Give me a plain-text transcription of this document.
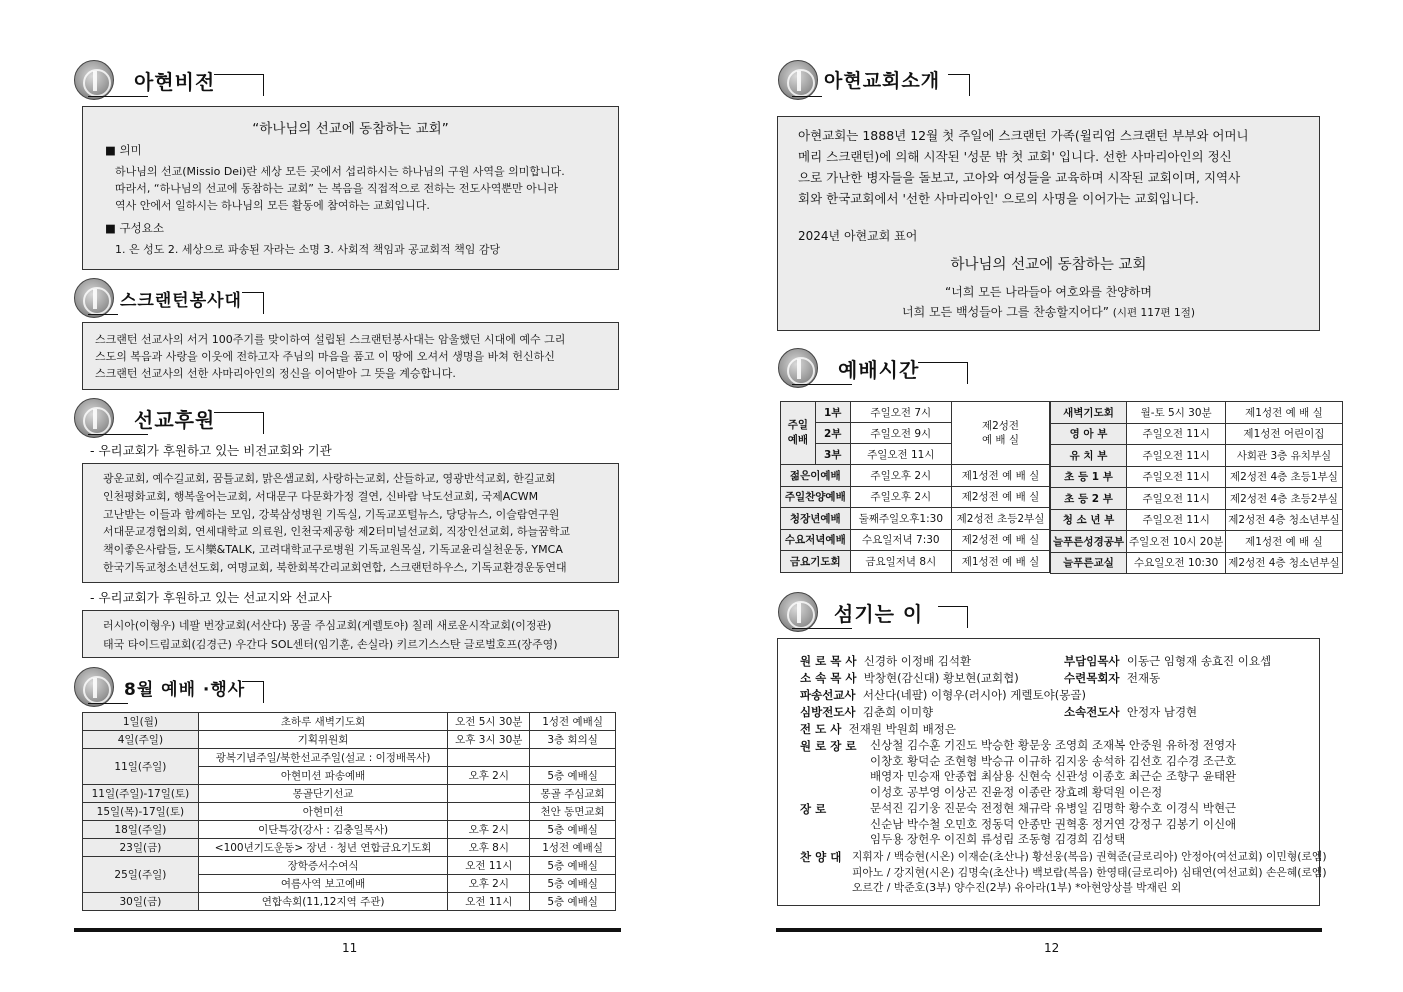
아현비전
“하나님의 선교에 동참하는 교회”
■ 의미
하나님의 선교(Missio Dei)란 세상 모든 곳에서 섭리하시는 하나님의 구원 사역을 의미합니다.
따라서, “하나님의 선교에 동참하는 교회” 는 복음을 직접적으로 전하는 전도사역뿐만 아니라
역사 안에서 일하시는 하나님의 모든 활동에 참여하는 교회입니다.
■ 구성요소
1. 은 성도 2. 세상으로 파송된 자라는 소명 3. 사회적 책임과 공교회적 책임 감당
스크랜턴봉사대
스크랜턴 선교사의 서거 100주기를 맞이하여 설립된 스크랜턴봉사대는 암울했던 시대에 예수 그리
스도의 복음과 사랑을 이웃에 전하고자 주님의 마음을 품고 이 땅에 오셔서 생명을 바쳐 헌신하신
스크랜턴 선교사의 선한 사마리아인의 정신을 이어받아 그 뜻을 계승합니다.
선교후원
- 우리교회가 후원하고 있는 비전교회와 기관
광운교회, 예수길교회, 꿈틀교회, 맑은샘교회, 사랑하는교회, 산들하교, 영광반석교회, 한길교회
인천평화교회, 행복울어는교회, 서대문구 다문화가정 결연, 신바람 낙도선교회, 국제ACWM
고난받는 이들과 함께하는 모임, 강북삼성병원 기독실, 기독교포털뉴스, 당당뉴스, 이슬람연구원
서대문교경협의회, 연세대학교 의료원, 인천국제공항 제2터미널선교회, 직장인선교회, 하늘꿈학교
책이좋은사람들, 도시樂&TALK, 고려대학교구로병원 기독교원목실, 기독교윤리실천운동, YMCA
한국기독교청소년선도회, 여명교회, 북한회복간리교회연합, 스크랜턴하우스, 기독교환경운동연대
- 우리교회가 후원하고 있는 선교지와 선교사
러시아(이형우) 네팔 번장교회(서산다) 몽골 주심교회(게렐토야) 칠레 새로운시작교회(이정관)
태국 타이드림교회(김경근) 우간다 SOL센터(임기훈, 손실라) 키르기스스탄 글로벌호프(장주영)
8월 예배 ·행사
1일(월)	초하루 새벽기도회	오전 5시 30분	1성전 예배실
4일(주일)	기획위원회	오후 3시 30분	3층 회의실
11일(주일)	광복기념주일/북한선교주일(설교 : 이정배목사)		
	아현미션 파송예배	오후 2시	5층 예배실
11일(주일)-17일(토)	몽골단기선교		몽골 주심교회
15일(목)-17일(토)	아현미션		천안 동면교회
18일(주일)	이단특강(강사 : 김충일목사)	오후 2시	5층 예배실
23일(금)	<100년기도운동> 장년 · 청년 연합금요기도회	오후 8시	1성전 예배실
25일(주일)	장학증서수여식	오전 11시	5층 예배실
	여름사역 보고예배	오후 2시	5층 예배실
30일(금)	연합속회(11,12지역 주관)	오전 11시	5층 예배실
11
아현교회소개
아현교회는 1888년 12월 첫 주일에 스크랜턴 가족(윌리엄 스크랜턴 부부와 어머니
메리 스크랜턴)에 의해 시작된 '성문 밖 첫 교회' 입니다. 선한 사마리아인의 정신
으로 가난한 병자들을 돌보고, 고아와 여성들을 교육하며 시작된 교회이며, 지역사
회와 한국교회에서 '선한 사마리아인' 으로의 사명을 이어가는 교회입니다.
2024년 아현교회 표어
하나님의 선교에 동참하는 교회
“너희 모든 나라들아 여호와를 찬양하며
너희 모든 백성들아 그를 찬송할지어다” (시편 117편 1절)
예배시간
주일
예배	1부	주일오전 7시	제2성전
예 배 실
	2부	주일오전 9시	
	3부	주일오전 11시	
젊은이예배		주일오후 2시	제1성전 예 배 실
주일찬양예배		주일오후 2시	제2성전 예 배 실
청장년예배		둘째주일오후1:30	제2성전 초등2부실
수요저녁예배		수요일저녁 7:30	제2성전 예 배 실
금요기도회		금요일저녁 8시	제1성전 예 배 실
새벽기도회	월-토 5시 30분	제1성전 예 배 실
영 아 부	주일오전 11시	제1성전 어린이집
유 치 부	주일오전 11시	사회관 3층 유치부실
초 등 1 부	주일오전 11시	제2성전 4층 초등1부실
초 등 2 부	주일오전 11시	제2성전 4층 초등2부실
청 소 년 부	주일오전 11시	제2성전 4층 청소년부실
늘푸른성경공부	주일오전 10시 20분	제1성전 예 배 실
늘푸른교실	수요일오전 10:30	제2성전 4층 청소년부실
섬기는 이
원 로 목 사 신경하 이정배 김석환	부담임목사 이동근 임형재 송효진 이요셉
소 속 목 사 박창현(감신대) 황보현(교회협)	수련목회자 전재동
파송선교사 서산다(네팔) 이형우(러시아) 게렐토야(몽골)
심방전도사 김춘희 이미향	소속전도사 안정자 남경현
전 도 사 전재원 박원희 배정은
원 로 장 로 신상철 김수훈 기진도 박승한 황문웅 조영희 조재복 안중원 유하정 전영자
이창호 황덕순 조현형 박승규 이규하 김지웅 송석하 김선호 김수경 조근호
배영자 민승재 안종협 최삼용 신현숙 신관성 이종호 최근순 조향구 윤태완
이성호 공부영 이상곤 진윤정 이종란 장효례 황덕원 이은정
장 로	문석진 김기웅 진문숙 전정현 채규락 유병일 김명학 황수호 이경식 박현근
신순남 박수철 오민호 정동덕 안종만 권혁홍 정거연 강정구 김봉기 이신애
임두용 장헌우 이진희 류성림 조동형 김경희 김성택
찬 양 대 지휘자 / 백승현(시온) 이재순(초산나) 황선웅(복음) 권혁준(글로리아) 안정아(여선교회) 이민형(로엠)
피아노 / 강지현(시온) 김명숙(초산나) 백보람(복음) 한영태(글로리아) 심태연(여선교회) 손은혜(로엠)
오르간 / 박준호(3부) 양수진(2부) 유아라(1부) *아현앙상블 박재린 외
12
